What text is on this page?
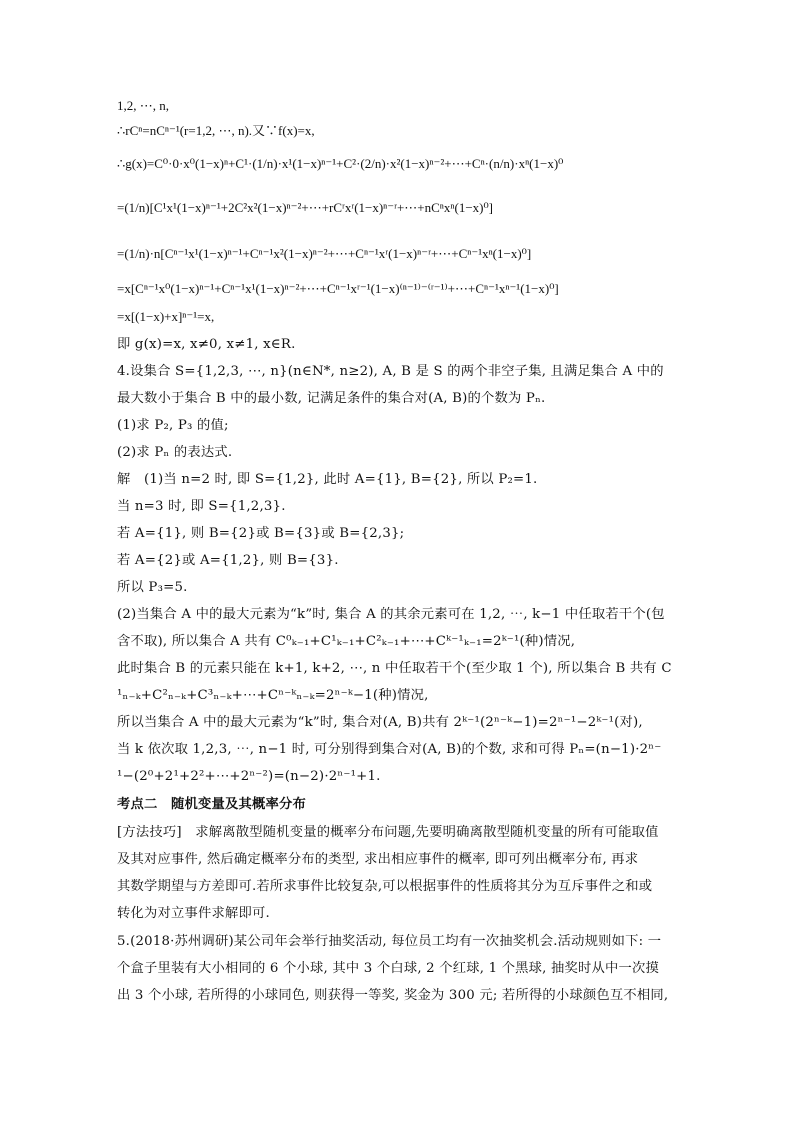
1,2, ⋯, n,
∴rCⁿ=nCⁿ⁻¹(r=1,2, ⋯, n).又∵f(x)=x,
∴g(x)=C⁰·0·x⁰(1−x)ⁿ+C¹·(1/n)·x¹(1−x)ⁿ⁻¹+C²·(2/n)·x²(1−x)ⁿ⁻²+⋯+Cⁿ·(n/n)·xⁿ(1−x)⁰
=(1/n)[C¹x¹(1−x)ⁿ⁻¹+2C²x²(1−x)ⁿ⁻²+⋯+rCʳxʳ(1−x)ⁿ⁻ʳ+⋯+nCⁿxⁿ(1−x)⁰]
=(1/n)·n[Cⁿ⁻¹x¹(1−x)ⁿ⁻¹+Cⁿ⁻¹x²(1−x)ⁿ⁻²+⋯+Cⁿ⁻¹xʳ(1−x)ⁿ⁻ʳ+⋯+Cⁿ⁻¹xⁿ(1−x)⁰]
=x[Cⁿ⁻¹x⁰(1−x)ⁿ⁻¹+Cⁿ⁻¹x¹(1−x)ⁿ⁻²+⋯+Cⁿ⁻¹xʳ⁻¹(1−x)⁽ⁿ⁻¹⁾⁻⁽ʳ⁻¹⁾+⋯+Cⁿ⁻¹xⁿ⁻¹(1−x)⁰]
=x[(1−x)+x]ⁿ⁻¹=x,
即 g(x)=x, x≠0, x≠1, x∈R.
4.设集合 S={1,2,3, ⋯, n}(n∈N*, n≥2), A, B 是 S 的两个非空子集, 且满足集合 A 中的
最大数小于集合 B 中的最小数, 记满足条件的集合对(A, B)的个数为 Pₙ.
(1)求 P₂, P₃ 的值;
(2)求 Pₙ 的表达式.
解　(1)当 n=2 时, 即 S={1,2}, 此时 A={1}, B={2}, 所以 P₂=1.
当 n=3 时, 即 S={1,2,3}.
若 A={1}, 则 B={2}或 B={3}或 B={2,3};
若 A={2}或 A={1,2}, 则 B={3}.
所以 P₃=5.
(2)当集合 A 中的最大元素为“k”时, 集合 A 的其余元素可在 1,2, ⋯, k−1 中任取若干个(包
含不取), 所以集合 A 共有 C⁰ₖ₋₁+C¹ₖ₋₁+C²ₖ₋₁+⋯+Cᵏ⁻¹ₖ₋₁=2ᵏ⁻¹(种)情况,
此时集合 B 的元素只能在 k+1, k+2, ⋯, n 中任取若干个(至少取 1 个), 所以集合 B 共有 C
¹ₙ₋ₖ+C²ₙ₋ₖ+C³ₙ₋ₖ+⋯+Cⁿ⁻ᵏₙ₋ₖ=2ⁿ⁻ᵏ−1(种)情况,
所以当集合 A 中的最大元素为“k”时, 集合对(A, B)共有 2ᵏ⁻¹(2ⁿ⁻ᵏ−1)=2ⁿ⁻¹−2ᵏ⁻¹(对),
当 k 依次取 1,2,3, ⋯, n−1 时, 可分别得到集合对(A, B)的个数, 求和可得 Pₙ=(n−1)·2ⁿ⁻
¹−(2⁰+2¹+2²+⋯+2ⁿ⁻²)=(n−2)·2ⁿ⁻¹+1.
考点二　随机变量及其概率分布
[方法技巧]　求解离散型随机变量的概率分布问题,先要明确离散型随机变量的所有可能取值
及其对应事件, 然后确定概率分布的类型, 求出相应事件的概率, 即可列出概率分布, 再求
其数学期望与方差即可.若所求事件比较复杂,可以根据事件的性质将其分为互斥事件之和或
转化为对立事件求解即可.
5.(2018·苏州调研)某公司年会举行抽奖活动, 每位员工均有一次抽奖机会.活动规则如下: 一
个盒子里装有大小相同的 6 个小球, 其中 3 个白球, 2 个红球, 1 个黑球, 抽奖时从中一次摸
出 3 个小球, 若所得的小球同色, 则获得一等奖, 奖金为 300 元; 若所得的小球颜色互不相同,
